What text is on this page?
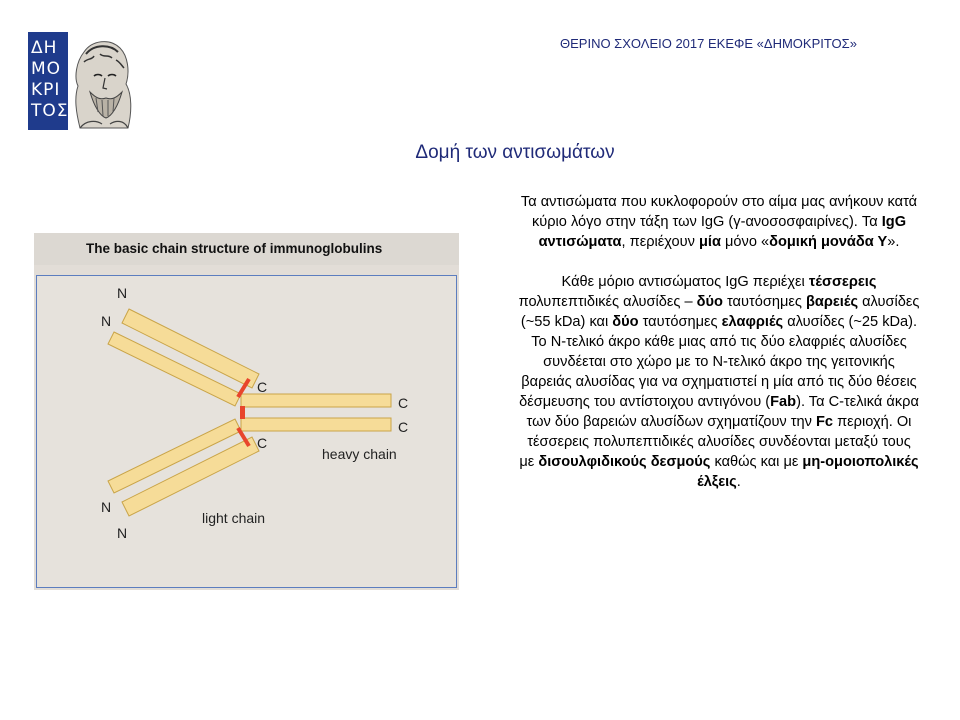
ΔΗ
ΜΟ
ΚΡΙ
ΤΟΣ
ΘΕΡΙΝΟ ΣΧΟΛΕΙΟ 2017 ΕΚΕΦΕ «ΔΗΜΟΚΡΙΤΟΣ»
Δομή των αντισωμάτων
The basic chain structure of immunoglobulins
N
N
C
C
C
C
heavy chain
light chain
N
N

Τα αντισώματα που κυκλοφορούν στο αίμα μας ανήκουν κατά κύριο λόγο στην τάξη των IgG (γ-ανοσοσφαιρίνες). Τα IgG αντισώματα, περιέχουν μία μόνο «δομική μονάδα Υ».

Κάθε μόριο αντισώματος IgG περιέχει τέσσερεις πολυπεπτιδικές αλυσίδες – δύο ταυτόσημες βαρειές αλυσίδες (~55 kDa) και δύο ταυτόσημες ελαφριές αλυσίδες (~25 kDa). Το Ν-τελικό άκρο κάθε μιας από τις δύο ελαφριές αλυσίδες συνδέεται στο χώρο με το Ν-τελικό άκρο της γειτονικής βαρειάς αλυσίδας για να σχηματιστεί η μία από τις δύο θέσεις δέσμευσης του αντίστοιχου αντιγόνου (Fab). Τα C-τελικά άκρα των δύο βαρειών αλυσίδων σχηματίζουν την Fc περιοχή. Οι τέσσερεις πολυπεπτιδικές αλυσίδες συνδέονται μεταξύ τους με δισουλφιδικούς δεσμούς καθώς και με μη-ομοιοπολικές έλξεις.
